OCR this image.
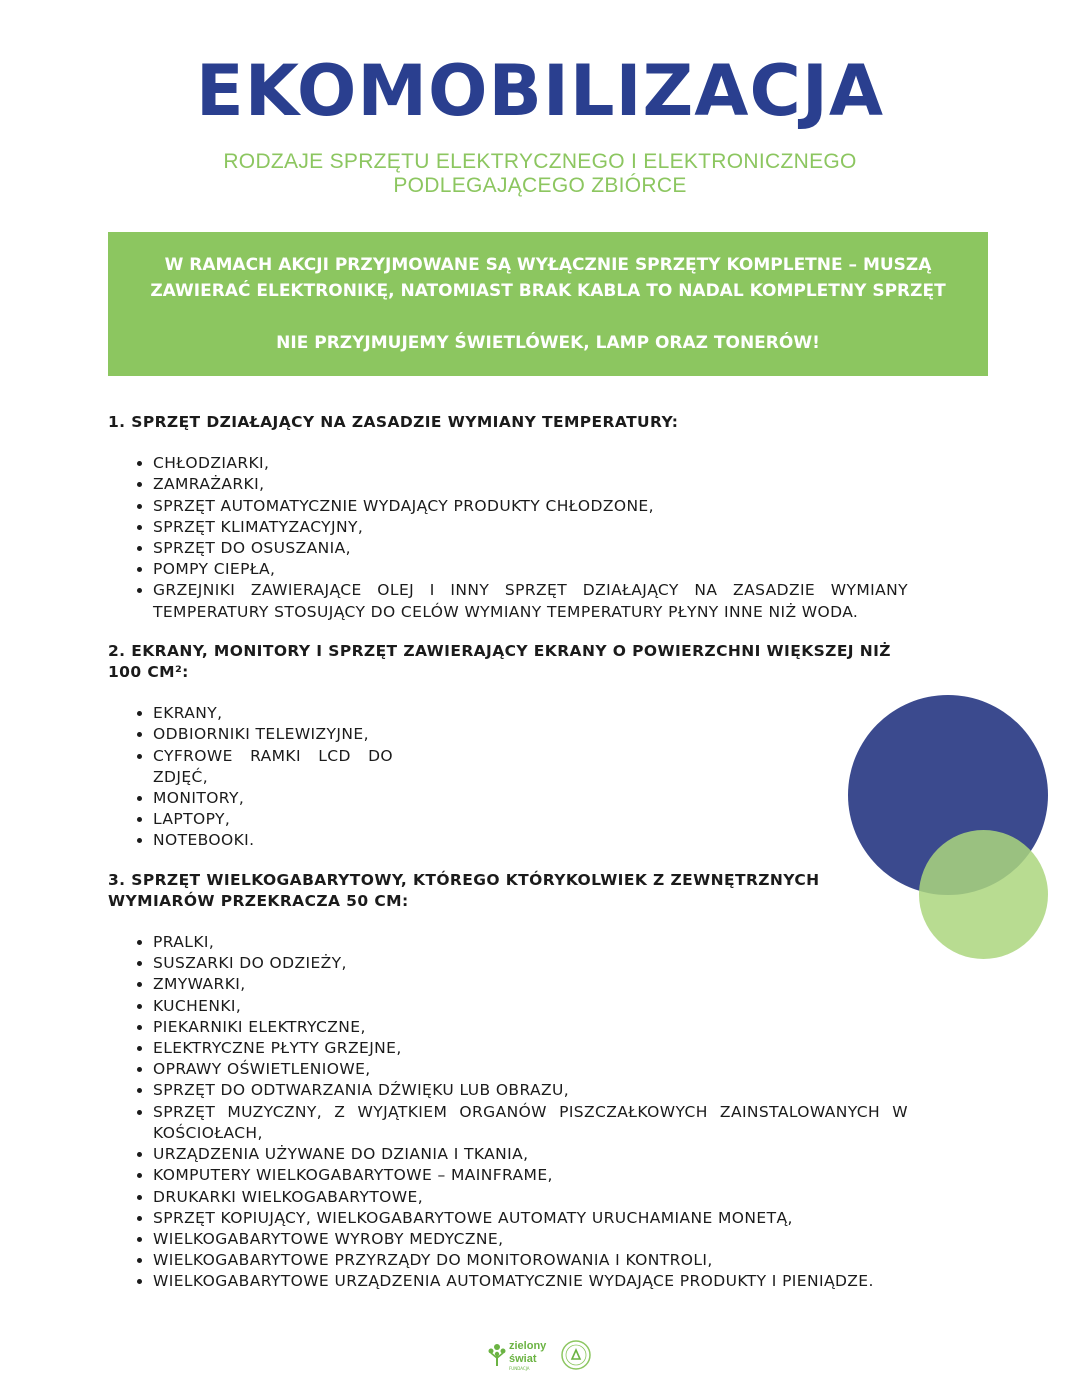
EKOMOBILIZACJA
RODZAJE SPRZĘTU ELEKTRYCZNEGO I ELEKTRONICZNEGO
PODLEGAJĄCEGO ZBIÓRCE

W RAMACH AKCJI PRZYJMOWANE SĄ WYŁĄCZNIE SPRZĘTY KOMPLETNE – MUSZĄ

ZAWIERAĆ ELEKTRONIKĘ, NATOMIAST BRAK KABLA TO NADAL KOMPLETNY SPRZĘT

NIE PRZYJMUJEMY ŚWIETLÓWEK, LAMP ORAZ TONERÓW!

1. SPRZĘT DZIAŁAJĄCY NA ZASADZIE WYMIANY TEMPERATURY:

• CHŁODZIARKI,
• ZAMRAŻARKI,
• SPRZĘT AUTOMATYCZNIE WYDAJĄCY PRODUKTY CHŁODZONE,
• SPRZĘT KLIMATYZACYJNY,
• SPRZĘT DO OSUSZANIA,
• POMPY CIEPŁA,
• GRZEJNIKI ZAWIERAJĄCE OLEJ I INNY SPRZĘT DZIAŁAJĄCY NA ZASADZIE WYMIANY TEMPERATURY STOSUJĄCY DO CELÓW WYMIANY TEMPERATURY PŁYNY INNE NIŻ WODA.

2. EKRANY, MONITORY I SPRZĘT ZAWIERAJĄCY EKRANY O POWIERZCHNI WIĘKSZEJ NIŻ 100 CM²:

• EKRANY,
• ODBIORNIKI TELEWIZYJNE,
• CYFROWE RAMKI LCD DO ZDJĘĆ,
• MONITORY,
• LAPTOPY,
• NOTEBOOKI.

3. SPRZĘT WIELKOGABARYTOWY, KTÓREGO KTÓRYKOLWIEK Z ZEWNĘTRZNYCH WYMIARÓW PRZEKRACZA 50 CM:

• PRALKI,
• SUSZARKI DO ODZIEŻY,
• ZMYWARKI,
• KUCHENKI,
• PIEKARNIKI ELEKTRYCZNE,
• ELEKTRYCZNE PŁYTY GRZEJNE,
• OPRAWY OŚWIETLENIOWE,
• SPRZĘT DO ODTWARZANIA DŹWIĘKU LUB OBRAZU,
• SPRZĘT MUZYCZNY, Z WYJĄTKIEM ORGANÓW PISZCZAŁKOWYCH ZAINSTALOWANYCH W KOŚCIOŁACH,
• URZĄDZENIA UŻYWANE DO DZIANIA I TKANIA,
• KOMPUTERY WIELKOGABARYTOWE – MAINFRAME,
• DRUKARKI WIELKOGABARYTOWE,
• SPRZĘT KOPIUJĄCY, WIELKOGABARYTOWE AUTOMATY URUCHAMIANE MONETĄ,
• WIELKOGABARYTOWE WYROBY MEDYCZNE,
• WIELKOGABARYTOWE PRZYRZĄDY DO MONITOROWANIA I KONTROLI,
• WIELKOGABARYTOWE URZĄDZENIA AUTOMATYCZNIE WYDAJĄCE PRODUKTY I PIENIĄDZE.
zielony
świat
FUNDACJA
